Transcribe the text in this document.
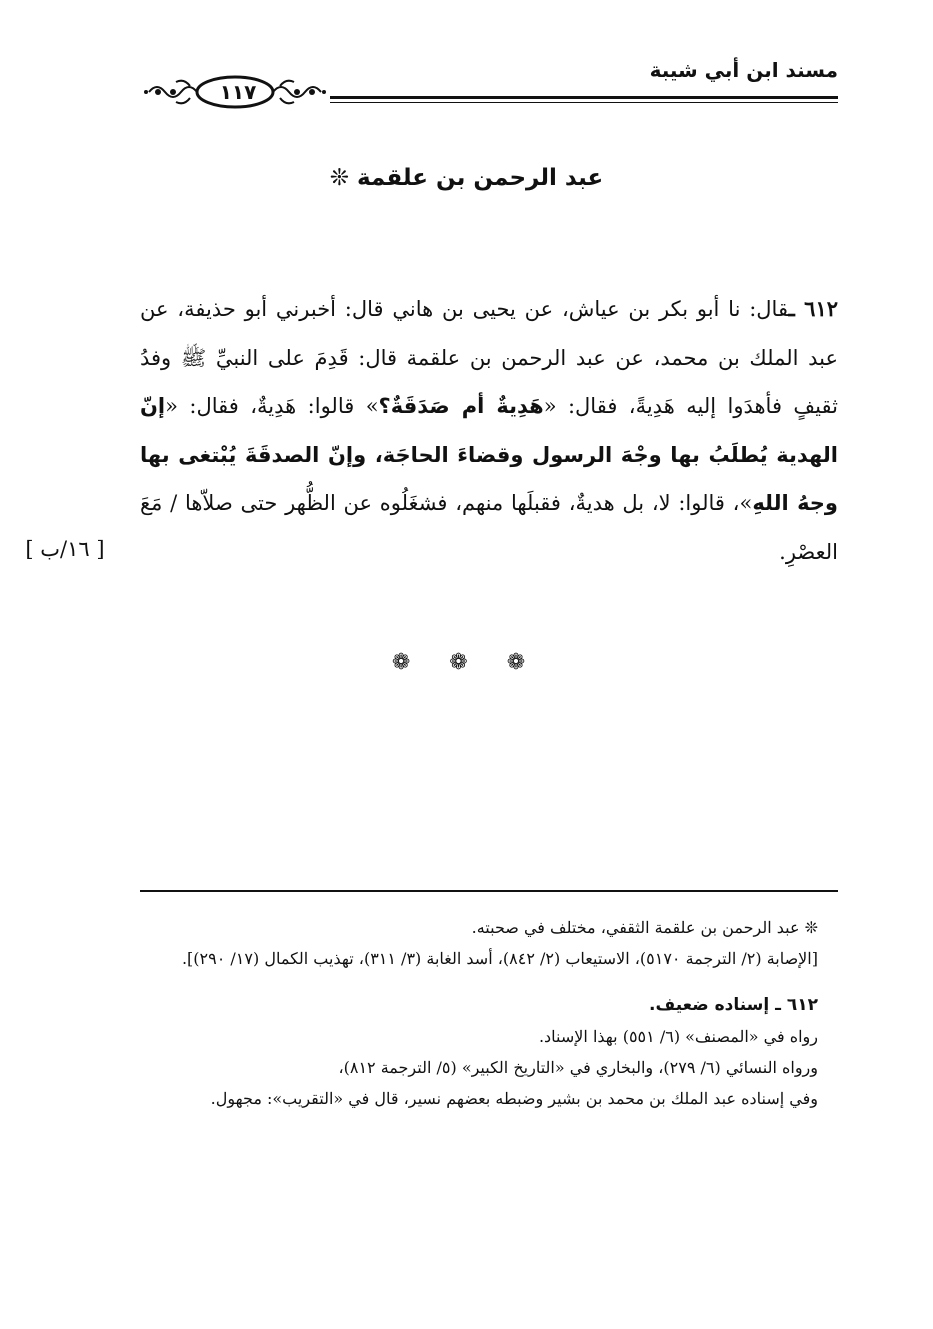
مسند ابن أبي شيبة
١١٧
عبد الرحمن بن علقمة ❊
٦١٢ ـقال: نا أبو بكر بن عياش، عن يحيى بن هاني قال: أخبرني أبو حذيفة، عن عبد الملك بن محمد، عن عبد الرحمن بن علقمة قال: قَدِمَ على النبيِّ ﷺ وفدُ ثقيفٍ فأهدَوا إليه هَدِيةً، فقال: «هَدِيةٌ أم صَدَقَةٌ؟» قالوا: هَدِيةٌ، فقال: «إنّ الهدية يُطلَبُ بها وجْهَ الرسول وقضاءَ الحاجَة، وإنّ الصدقَةَ يُبْتغى بها وجهُ اللهِ»، قالوا: لا، بل هديةٌ، فقبلَها منهم، فشغَلُوه عن الظُّهر حتى صلاّها / مَعَ العصْرِ.
[ ١٦/ب ]
❁ ❁ ❁

❊ عبد الرحمن بن علقمة الثقفي، مختلف في صحبته.

[الإصابة (٢/ الترجمة ٥١٧٠)، الاستيعاب (٢/ ٨٤٢)، أسد الغابة (٣/ ٣١١)، تهذيب الكمال (١٧/ ٢٩٠)].

٦١٢ ـ إسناده ضعيف.

رواه في «المصنف» (٦/ ٥٥١) بهذا الإسناد.

ورواه النسائي (٦/ ٢٧٩)، والبخاري في «التاريخ الكبير» (٥/ الترجمة ٨١٢)،

وفي إسناده عبد الملك بن محمد بن بشير وضبطه بعضهم نسير، قال في «التقريب»: مجهول.
